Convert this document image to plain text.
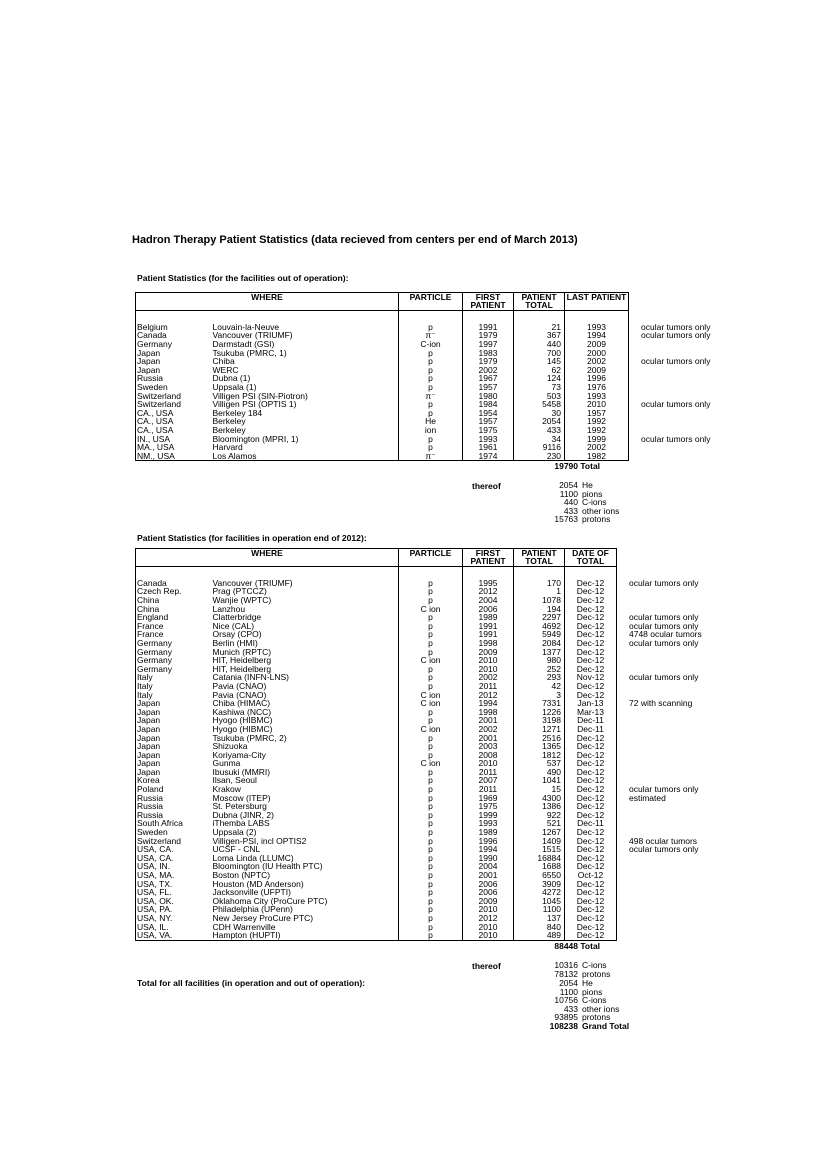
Hadron Therapy Patient Statistics (data recieved from centers per end of March 2013)
Patient Statistics (for the facilities out of operation):
WHERE		PARTICLE	FIRST PATIENT	PATIENT TOTAL	LAST PATIENT	

Belgium	Louvain-la-Neuve	p	1991	21	1993	ocular tumors only
Canada	Vancouver (TRIUMF)	π⁻	1979	367	1994	ocular tumors only
Germany	Darmstadt (GSI)	C-ion	1997	440	2009	
Japan	Tsukuba (PMRC, 1)	p	1983	700	2000	
Japan	Chiba	p	1979	145	2002	ocular tumors only
Japan	WERC	p	2002	62	2009	
Russia	Dubna (1)	p	1967	124	1996	
Sweden	Uppsala (1)	p	1957	73	1976	
Switzerland	Villigen PSI (SIN-Piotron)	π⁻	1980	503	1993	
Switzerland	Villigen PSI (OPTIS 1)	p	1984	5458	2010	ocular tumors only
CA., USA	Berkeley 184	p	1954	30	1957	
CA., USA	Berkeley	He	1957	2054	1992	
CA., USA	Berkeley	ion	1975	433	1992	
IN., USA	Bloomington (MPRI, 1)	p	1993	34	1999	ocular tumors only
MA., USA	Harvard	p	1961	9116	2002	
NM., USA	Los Alamos	π⁻	1974	230	1982	
19790 Total
thereof	2054 He
1100 pions
440 C-ions
433 other ions
15763 protons
Patient Statistics (for facilities in operation end of 2012):
WHERE		PARTICLE	FIRST PATIENT	PATIENT TOTAL	DATE OF TOTAL	

Canada	Vancouver (TRIUMF)	p	1995	170	Dec-12	ocular tumors only
Czech Rep.	Prag (PTCCZ)	p	2012	1	Dec-12	
China	Wanjie (WPTC)	p	2004	1078	Dec-12	
China	Lanzhou	C ion	2006	194	Dec-12	
England	Clatterbridge	p	1989	2297	Dec-12	ocular tumors only
France	Nice (CAL)	p	1991	4692	Dec-12	ocular tumors only
France	Orsay (CPO)	p	1991	5949	Dec-12	4748 ocular tumors
Germany	Berlin (HMI)	p	1998	2084	Dec-12	ocular tumors only
Germany	Munich (RPTC)	p	2009	1377	Dec-12	
Germany	HIT, Heidelberg	C ion	2010	980	Dec-12	
Germany	HIT, Heidelberg	p	2010	252	Dec-12	
Italy	Catania (INFN-LNS)	p	2002	293	Nov-12	ocular tumors only
Italy	Pavia (CNAO)	p	2011	42	Dec-12	
Italy	Pavia (CNAO)	C ion	2012	3	Dec-12	
Japan	Chiba (HIMAC)	C ion	1994	7331	Jan-13	72 with scanning
Japan	Kashiwa (NCC)	p	1998	1226	Mar-13	
Japan	Hyogo (HIBMC)	p	2001	3198	Dec-11	
Japan	Hyogo (HIBMC)	C ion	2002	1271	Dec-11	
Japan	Tsukuba (PMRC, 2)	p	2001	2516	Dec-12	
Japan	Shizuoka	p	2003	1365	Dec-12	
Japan	Koriyama-City	p	2008	1812	Dec-12	
Japan	Gunma	C ion	2010	537	Dec-12	
Japan	Ibusuki (MMRI)	p	2011	490	Dec-12	
Korea	Ilsan, Seoul	p	2007	1041	Dec-12	
Poland	Krakow	p	2011	15	Dec-12	ocular tumors only
Russia	Moscow (ITEP)	p	1969	4300	Dec-12	estimated
Russia	St. Petersburg	p	1975	1386	Dec-12	
Russia	Dubna (JINR, 2)	p	1999	922	Dec-12	
South Africa	iThemba LABS	p	1993	521	Dec-11	
Sweden	Uppsala (2)	p	1989	1267	Dec-12	
Switzerland	Villigen-PSI, incl OPTIS2	p	1996	1409	Dec-12	498 ocular tumors
USA, CA.	UCSF - CNL	p	1994	1515	Dec-12	ocular tumors only
USA, CA.	Loma Linda (LLUMC)	p	1990	16884	Dec-12	
USA, IN.	Bloomington (IU Health PTC)	p	2004	1688	Dec-12	
USA, MA.	Boston (NPTC)	p	2001	6550	Oct-12	
USA, TX.	Houston (MD Anderson)	p	2006	3909	Dec-12	
USA, FL.	Jacksonville (UFPTI)	p	2006	4272	Dec-12	
USA, OK.	Oklahoma City (ProCure PTC)	p	2009	1045	Dec-12	
USA, PA.	Philadelphia (UPenn)	p	2010	1100	Dec-12	
USA, NY.	New Jersey ProCure PTC)	p	2012	137	Dec-12	
USA, IL.	CDH Warrenville	p	2010	840	Dec-12	
USA, VA.	Hampton (HUPTI)	p	2010	489	Dec-12	
88448 Total
thereof	10316 C-ions
78132 protons
Total for all facilities (in operation and out of operation):	2054 He
1100 pions
10756 C-ions
433 other ions
93895 protons
108238 Grand Total
